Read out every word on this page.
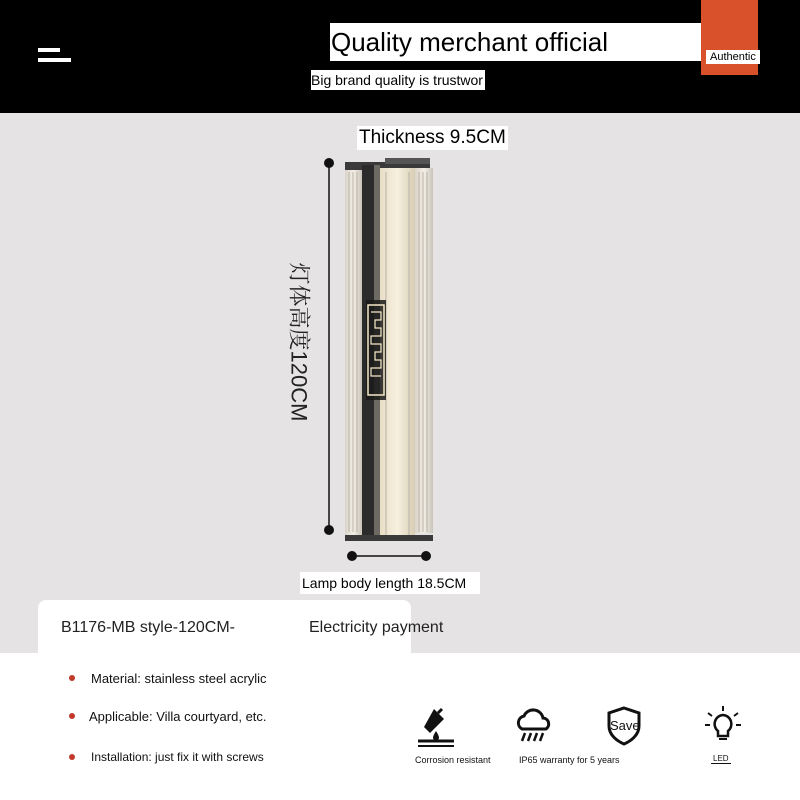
Quality merchant official	Authentic
Big brand quality is trustwor
Thickness 9.5CM
灯体高度120CM
Lamp body length 18.5CM
B1176-MB style-120CM-	Electricity payment
Material: stainless steel acrylic
Applicable: Villa courtyard, etc.
Installation: just fix it with screws	Corrosion resistant	IP65 warranty for 5 years
Save
LED
